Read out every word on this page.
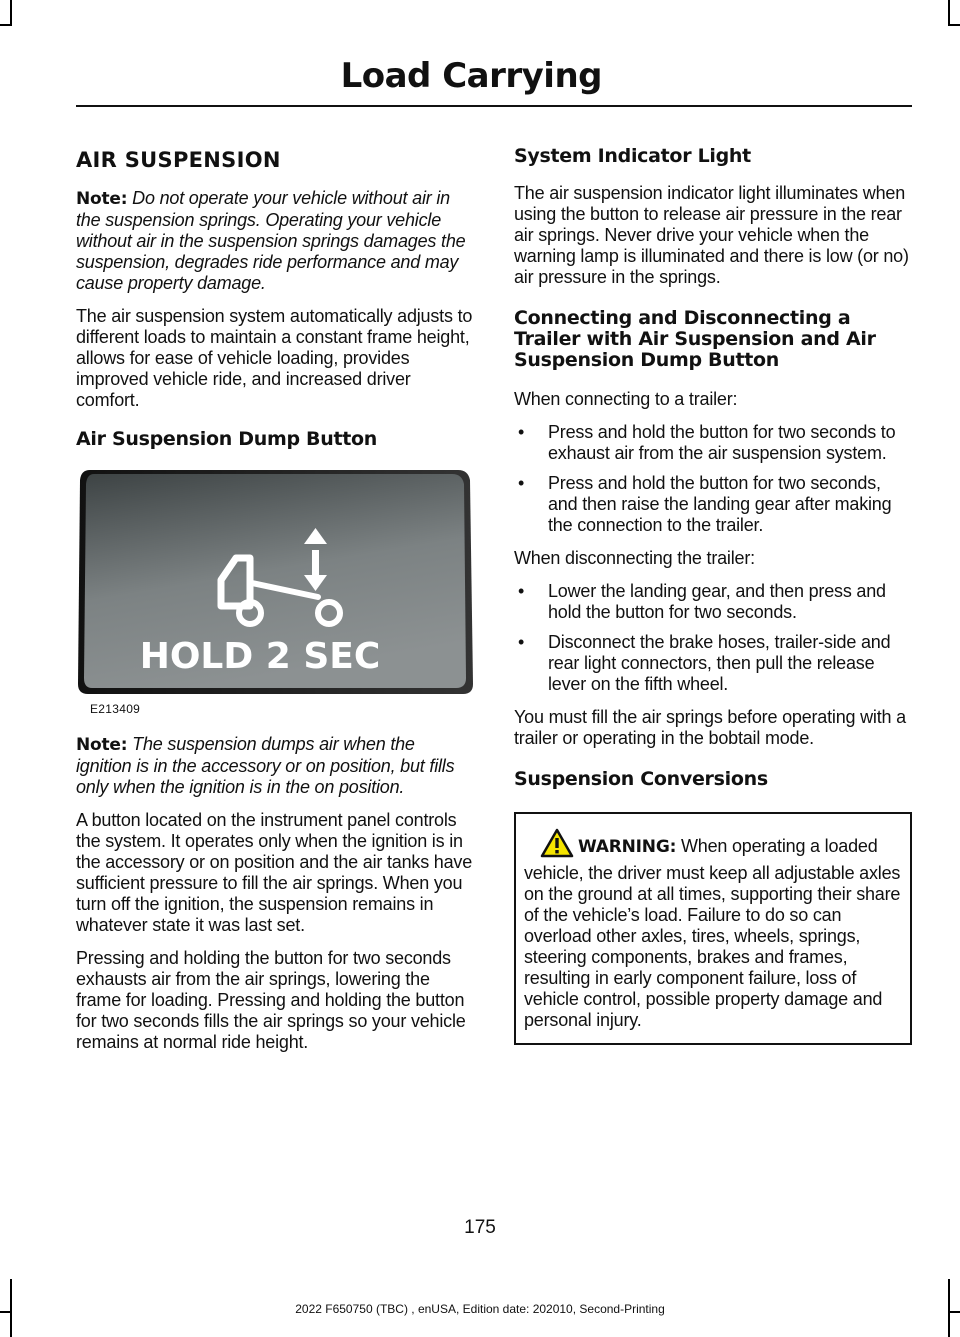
Load Carrying
AIR SUSPENSION

Note: Do not operate your vehicle without air in the suspension springs. Operating your vehicle without air in the suspension springs damages the suspension, degrades ride performance and may cause property damage.

The air suspension system automatically adjusts to different loads to maintain a constant frame height, allows for ease of vehicle loading, provides improved vehicle ride, and increased driver comfort.

Air Suspension Dump Button
HOLD 2 SEC
E213409

Note: The suspension dumps air when the ignition is in the accessory or on position, but fills only when the ignition is in the on position.

A button located on the instrument panel controls the system. It operates only when the ignition is in the accessory or on position and the air tanks have sufficient pressure to fill the air springs. When you turn off the ignition, the suspension remains in whatever state it was last set.

Pressing and holding the button for two seconds exhausts air from the air springs, lowering the frame for loading. Pressing and holding the button for two seconds fills the air springs so your vehicle remains at normal ride height.

System Indicator Light

The air suspension indicator light illuminates when using the button to release air pressure in the rear air springs. Never drive your vehicle when the warning lamp is illuminated and there is low (or no) air pressure in the springs.

Connecting and Disconnecting a Trailer with Air Suspension and Air Suspension Dump Button

When connecting to a trailer:

• Press and hold the button for two seconds to exhaust air from the air suspension system.
• Press and hold the button for two seconds, and then raise the landing gear after making the connection to the trailer.

When disconnecting the trailer:

• Lower the landing gear, and then press and hold the button for two seconds.
• Disconnect the brake hoses, trailer-side and rear light connectors, then pull the release lever on the fifth wheel.

You must fill the air springs before operating with a trailer or operating in the bobtail mode.

Suspension Conversions

WARNING: When operating a loaded vehicle, the driver must keep all adjustable axles on the ground at all times, supporting their share of the vehicle’s load. Failure to do so can overload other axles, tires, wheels, springs, steering components, brakes and frames, resulting in early component failure, loss of vehicle control, possible property damage and personal injury.

175
2022 F650750 (TBC) , enUSA, Edition date: 202010, Second-Printing
